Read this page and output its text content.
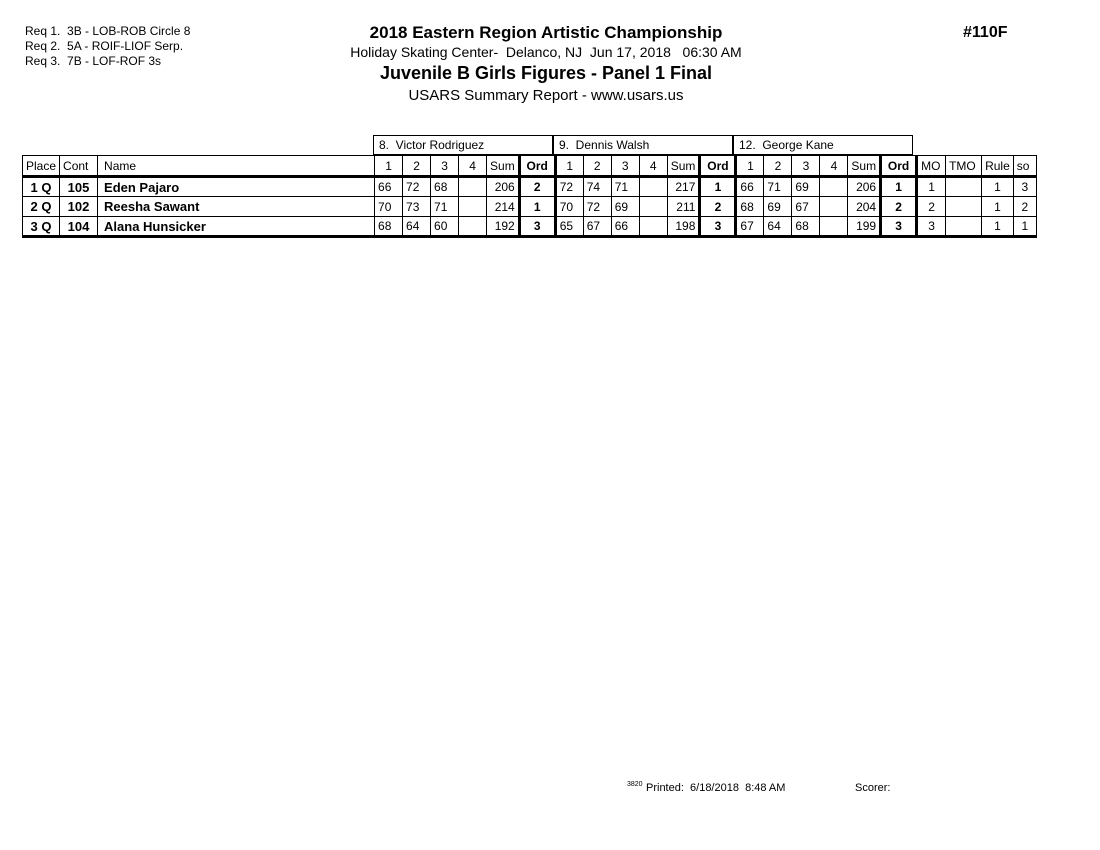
Req 1.  3B - LOB-ROB Circle 8
Req 2.  5A - ROIF-LIOF Serp.
Req 3.  7B - LOF-ROF 3s
2018 Eastern Region Artistic Championship
Holiday Skating Center-  Delanco, NJ  Jun 17, 2018   06:30 AM
Juvenile B Girls Figures - Panel 1 Final
USARS Summary Report - www.usars.us
#110F
8.  Victor Rodriguez	9.  Dennis Walsh	12.  George Kane
Place	Cont	Name	1	2	3	4	Sum	Ord	1	2	3	4	Sum	Ord	1	2	3	4	Sum	Ord	MO	TMO	Rule	so
1 Q	105	Eden Pajaro	66	72	68		206	2	72	74	71		217	1	66	71	69		206	1	1		1	3
2 Q	102	Reesha Sawant	70	73	71		214	1	70	72	69		211	2	68	69	67		204	2	2		1	2
3 Q	104	Alana Hunsicker	68	64	60		192	3	65	67	66		198	3	67	64	68		199	3	3		1	1
3820 Printed:  6/18/2018  8:48 AM	Scorer:
